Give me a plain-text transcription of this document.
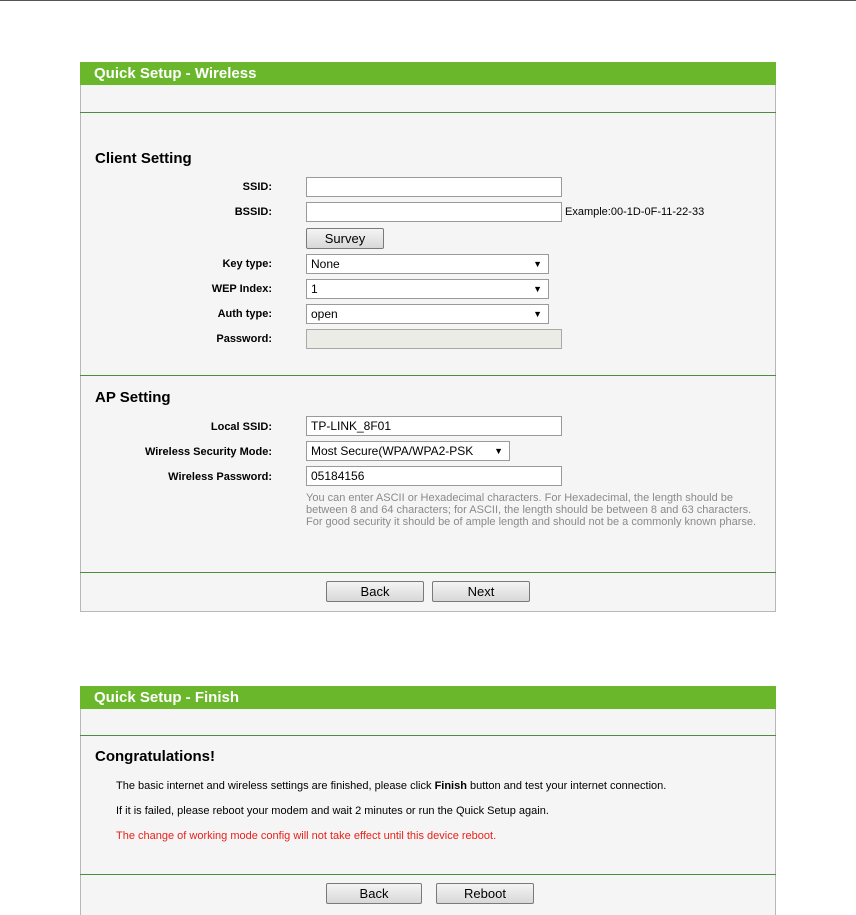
Quick Setup - Wireless
Client Setting
SSID:
BSSID:	Example:00-1D-0F-11-22-33
Survey
Key type:	None	▼
WEP Index:	1	▼
Auth type:	open	▼
Password:
AP Setting
Local SSID:	TP-LINK_8F01
Wireless Security Mode:	Most Secure(WPA/WPA2-PSK ▼
Wireless Password:	05184156
You can enter ASCII or Hexadecimal characters. For Hexadecimal, the length should be between 8 and 64 characters; for ASCII, the length should be between 8 and 63 characters. For good security it should be of ample length and should not be a commonly known pharse.
Back	Next
Quick Setup - Finish
Congratulations!
The basic internet and wireless settings are finished, please click Finish button and test your internet connection.
If it is failed, please reboot your modem and wait 2 minutes or run the Quick Setup again.
The change of working mode config will not take effect until this device reboot.
Back	Reboot
